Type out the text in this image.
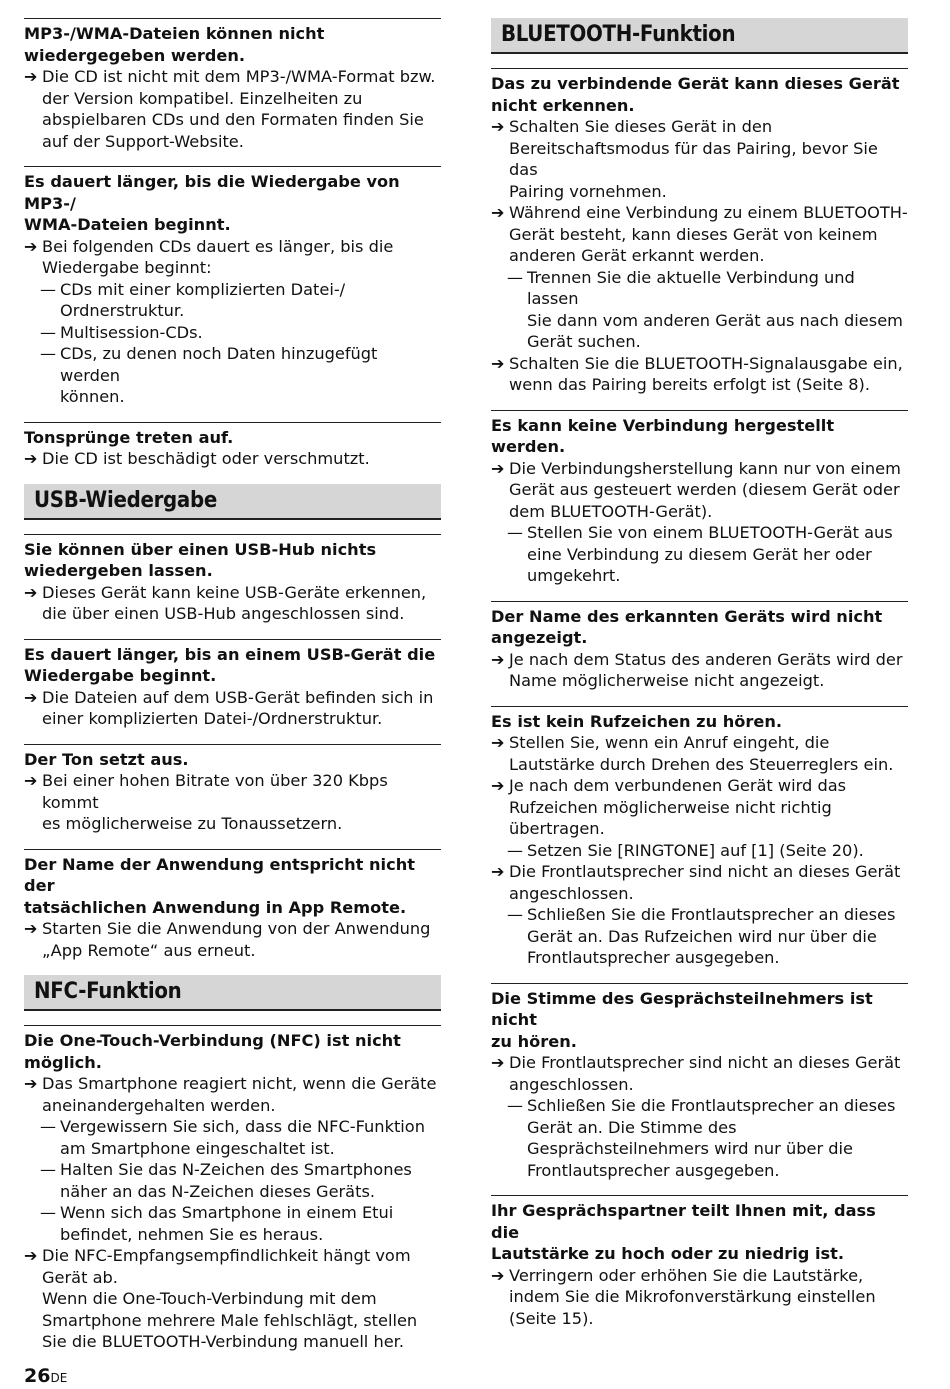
MP3-/WMA-Dateien können nicht
wiedergegeben werden.
➔ Die CD ist nicht mit dem MP3-/WMA-Format bzw.
der Version kompatibel. Einzelheiten zu
abspielbaren CDs und den Formaten finden Sie
auf der Support-Website.
Es dauert länger, bis die Wiedergabe von MP3-/
WMA-Dateien beginnt.
➔ Bei folgenden CDs dauert es länger, bis die
Wiedergabe beginnt:
— CDs mit einer komplizierten Datei-/
Ordnerstruktur.
— Multisession-CDs.
— CDs, zu denen noch Daten hinzugefügt werden
können.
Tonsprünge treten auf.
➔ Die CD ist beschädigt oder verschmutzt.
USB-Wiedergabe
Sie können über einen USB-Hub nichts
wiedergeben lassen.
➔ Dieses Gerät kann keine USB-Geräte erkennen,
die über einen USB-Hub angeschlossen sind.
Es dauert länger, bis an einem USB-Gerät die
Wiedergabe beginnt.
➔ Die Dateien auf dem USB-Gerät befinden sich in
einer komplizierten Datei-/Ordnerstruktur.
Der Ton setzt aus.
➔ Bei einer hohen Bitrate von über 320 Kbps kommt
es möglicherweise zu Tonaussetzern.
Der Name der Anwendung entspricht nicht der
tatsächlichen Anwendung in App Remote.
➔ Starten Sie die Anwendung von der Anwendung
„App Remote“ aus erneut.
NFC-Funktion
Die One-Touch-Verbindung (NFC) ist nicht
möglich.
➔ Das Smartphone reagiert nicht, wenn die Geräte
aneinandergehalten werden.
— Vergewissern Sie sich, dass die NFC-Funktion
am Smartphone eingeschaltet ist.
— Halten Sie das N-Zeichen des Smartphones
näher an das N-Zeichen dieses Geräts.
— Wenn sich das Smartphone in einem Etui
befindet, nehmen Sie es heraus.
➔ Die NFC-Empfangsempfindlichkeit hängt vom
Gerät ab.
Wenn die One-Touch-Verbindung mit dem
Smartphone mehrere Male fehlschlägt, stellen
Sie die BLUETOOTH-Verbindung manuell her.
BLUETOOTH-Funktion
Das zu verbindende Gerät kann dieses Gerät
nicht erkennen.
➔ Schalten Sie dieses Gerät in den
Bereitschaftsmodus für das Pairing, bevor Sie das
Pairing vornehmen.
➔ Während eine Verbindung zu einem BLUETOOTH-
Gerät besteht, kann dieses Gerät von keinem
anderen Gerät erkannt werden.
— Trennen Sie die aktuelle Verbindung und lassen
Sie dann vom anderen Gerät aus nach diesem
Gerät suchen.
➔ Schalten Sie die BLUETOOTH-Signalausgabe ein,
wenn das Pairing bereits erfolgt ist (Seite 8).
Es kann keine Verbindung hergestellt werden.
➔ Die Verbindungsherstellung kann nur von einem
Gerät aus gesteuert werden (diesem Gerät oder
dem BLUETOOTH-Gerät).
— Stellen Sie von einem BLUETOOTH-Gerät aus
eine Verbindung zu diesem Gerät her oder
umgekehrt.
Der Name des erkannten Geräts wird nicht
angezeigt.
➔ Je nach dem Status des anderen Geräts wird der
Name möglicherweise nicht angezeigt.
Es ist kein Rufzeichen zu hören.
➔ Stellen Sie, wenn ein Anruf eingeht, die
Lautstärke durch Drehen des Steuerreglers ein.
➔ Je nach dem verbundenen Gerät wird das
Rufzeichen möglicherweise nicht richtig
übertragen.
— Setzen Sie [RINGTONE] auf [1] (Seite 20).
➔ Die Frontlautsprecher sind nicht an dieses Gerät
angeschlossen.
— Schließen Sie die Frontlautsprecher an dieses
Gerät an. Das Rufzeichen wird nur über die
Frontlautsprecher ausgegeben.
Die Stimme des Gesprächsteilnehmers ist nicht
zu hören.
➔ Die Frontlautsprecher sind nicht an dieses Gerät
angeschlossen.
— Schließen Sie die Frontlautsprecher an dieses
Gerät an. Die Stimme des
Gesprächsteilnehmers wird nur über die
Frontlautsprecher ausgegeben.
Ihr Gesprächspartner teilt Ihnen mit, dass die
Lautstärke zu hoch oder zu niedrig ist.
➔ Verringern oder erhöhen Sie die Lautstärke,
indem Sie die Mikrofonverstärkung einstellen
(Seite 15).
26DE
